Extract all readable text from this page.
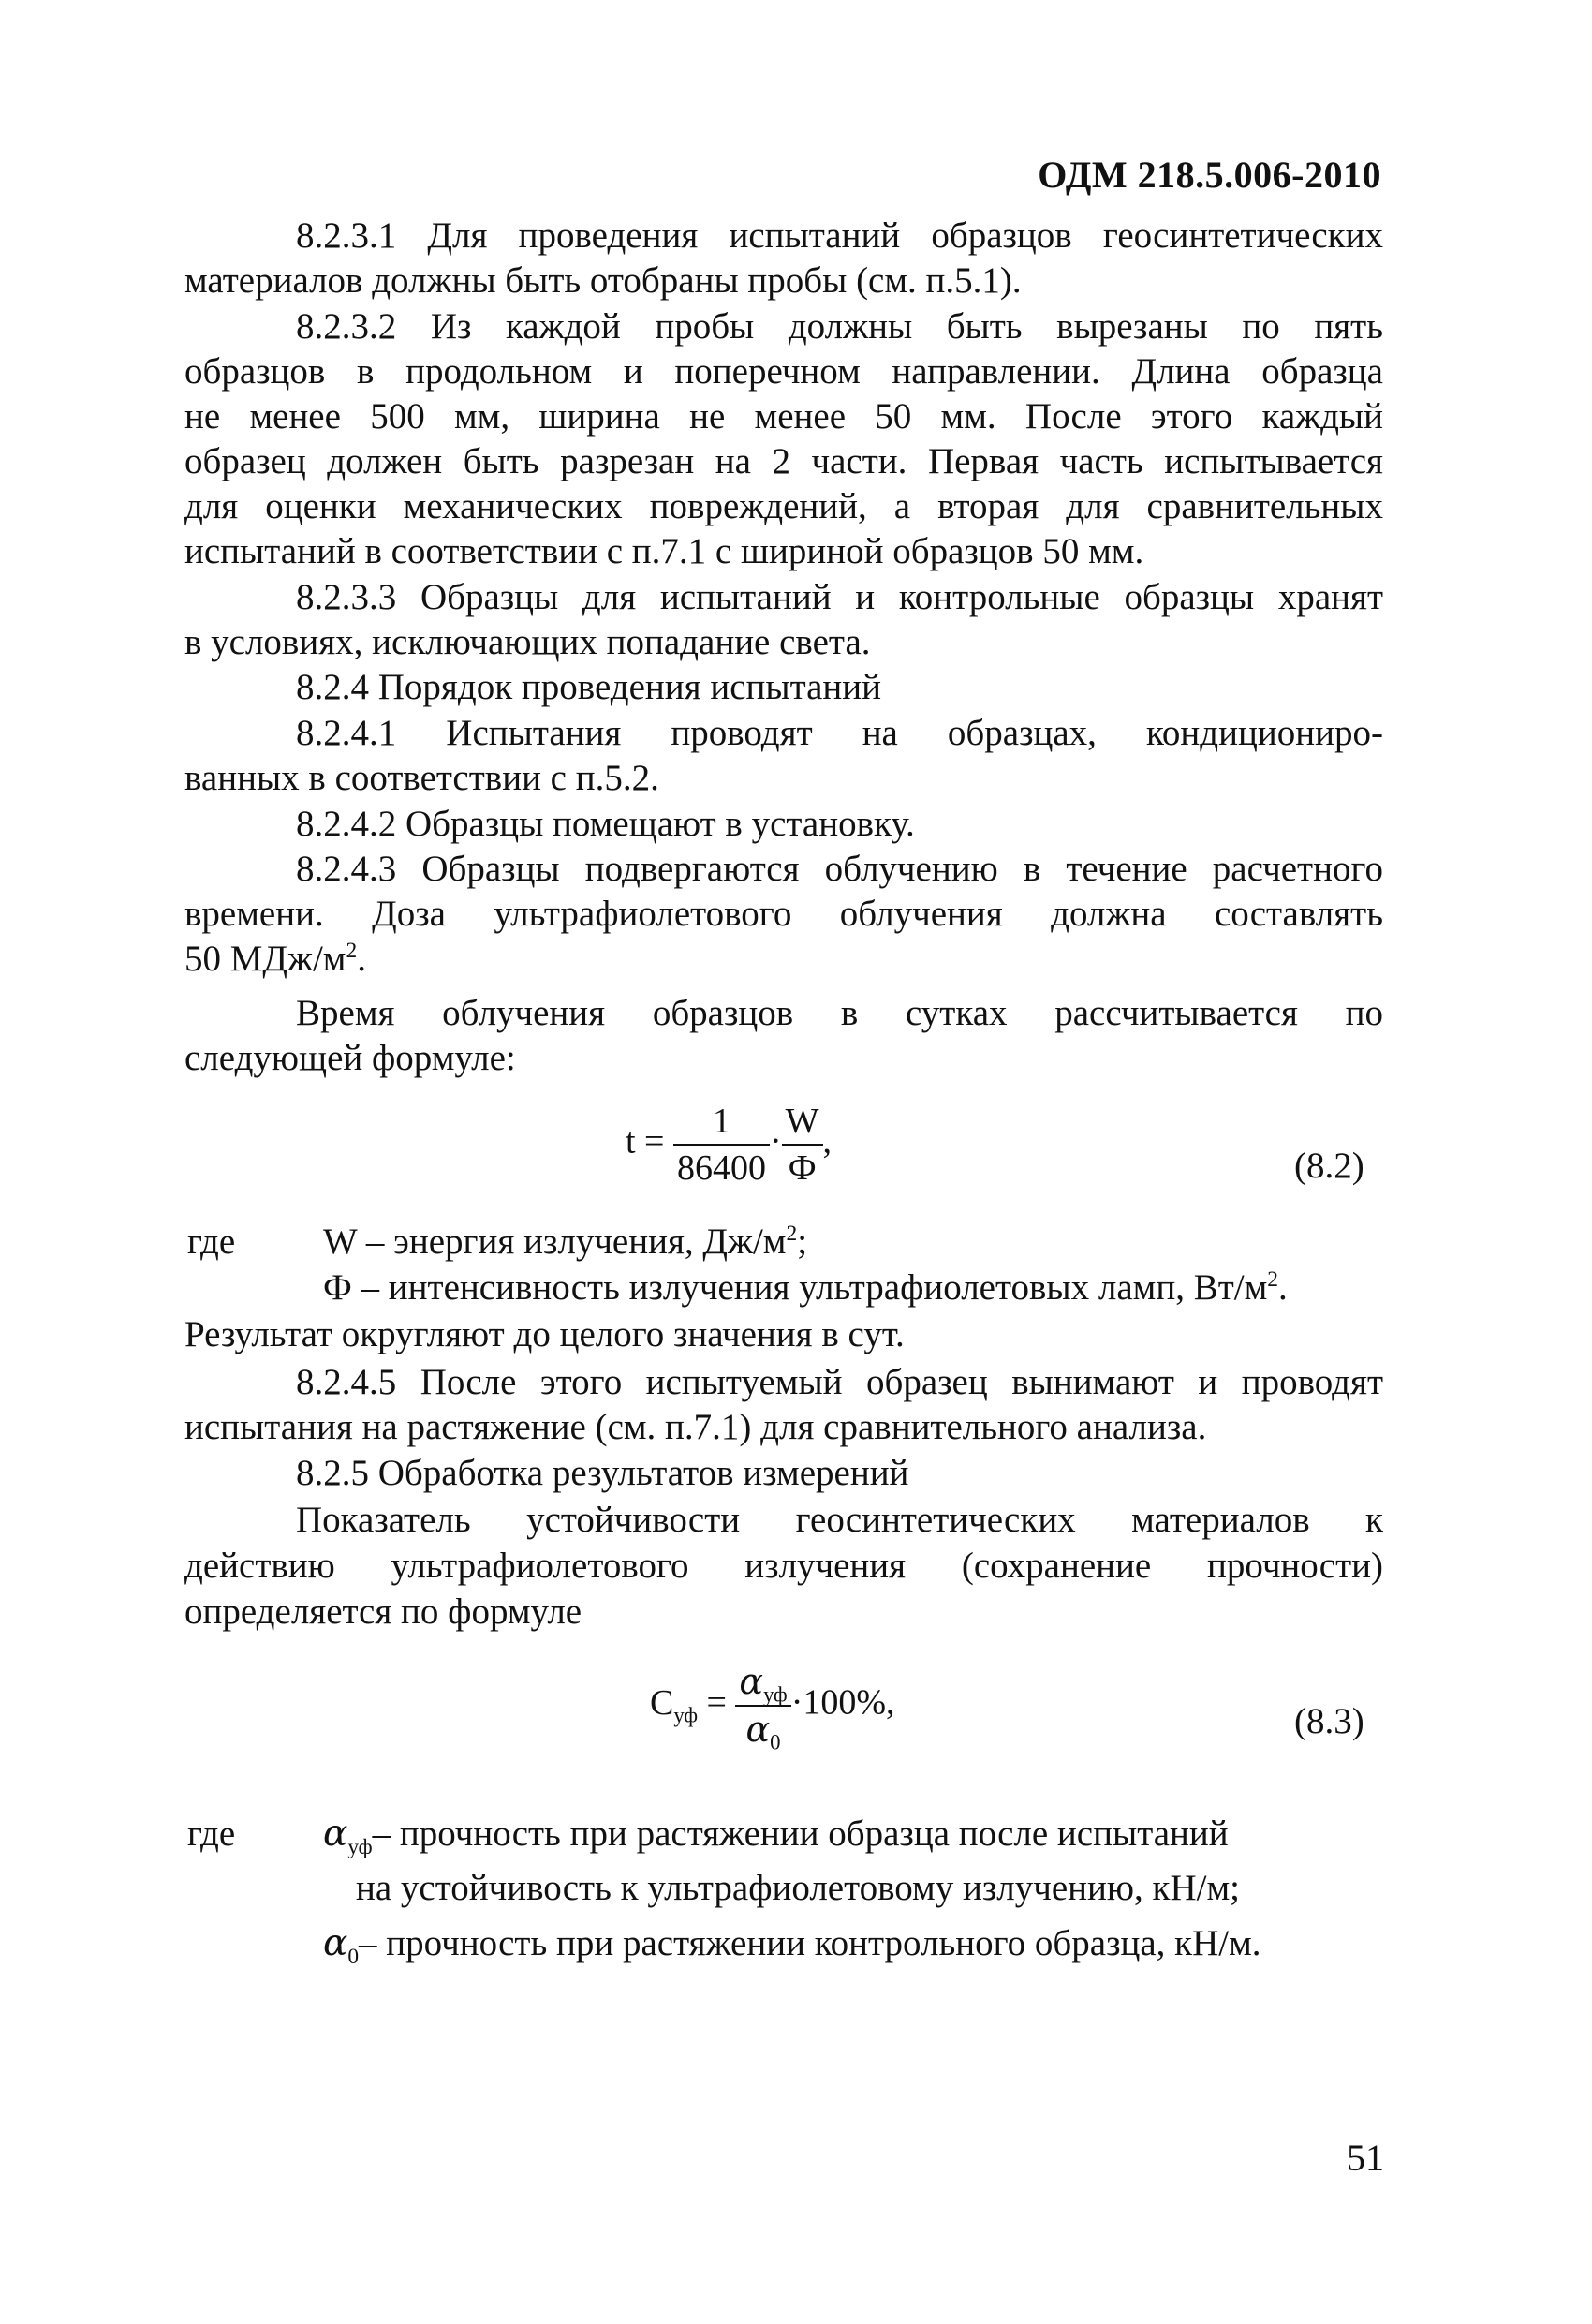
ОДМ 218.5.006-2010
8.2.3.1 Для проведения испытаний образцов геосинтетических
материалов должны быть отобраны пробы (см. п.5.1).
8.2.3.2 Из каждой пробы должны быть вырезаны по пять
образцов в продольном и поперечном направлении. Длина образца
не менее 500 мм, ширина не менее 50 мм. После этого каждый
образец должен быть разрезан на 2 части. Первая часть испытывается
для оценки механических повреждений, а вторая для сравнительных
испытаний в соответствии с п.7.1 с шириной образцов 50 мм.
8.2.3.3 Образцы для испытаний и контрольные образцы хранят
в условиях, исключающих попадание света.
8.2.4 Порядок проведения испытаний
8.2.4.1 Испытания проводят на образцах, кондициониро-
ванных в соответствии с п.5.2.
8.2.4.2 Образцы помещают в установку.
8.2.4.3 Образцы подвергаются облучению в течение расчетного
времени. Доза ультрафиолетового облучения должна составлять
50 МДж/$м^2$.
Время облучения образцов в сутках рассчитывается по
следующей формуле:
$t = \frac{1}{86400} \cdot \frac{W}{Ф}$ ,
(8.2)
где W – энергия излучения, $Дж/м^2$;
Ф – интенсивность излучения ультрафиолетовых ламп, $Вт/м^2$.
Результат округляют до целого значения в сут.
8.2.4.5 После этого испытуемый образец вынимают и проводят
испытания на растяжение (см. п.7.1) для сравнительного анализа.
8.2.5 Обработка результатов измерений
Показатель устойчивости геосинтетических материалов к
действию ультрафиолетового излучения (сохранение прочности)
определяется по формуле
$C_{уф} = \frac{\alpha_{уф}}{\alpha_0} \cdot 100\%$,	(8.3)
где $\alpha_{уф}-$ прочность при растяжении образца после испытаний
на устойчивость к ультрафиолетовому излучению, кН/м;
$\alpha_0-$ прочность при растяжении контрольного образца, кН/м.
51
